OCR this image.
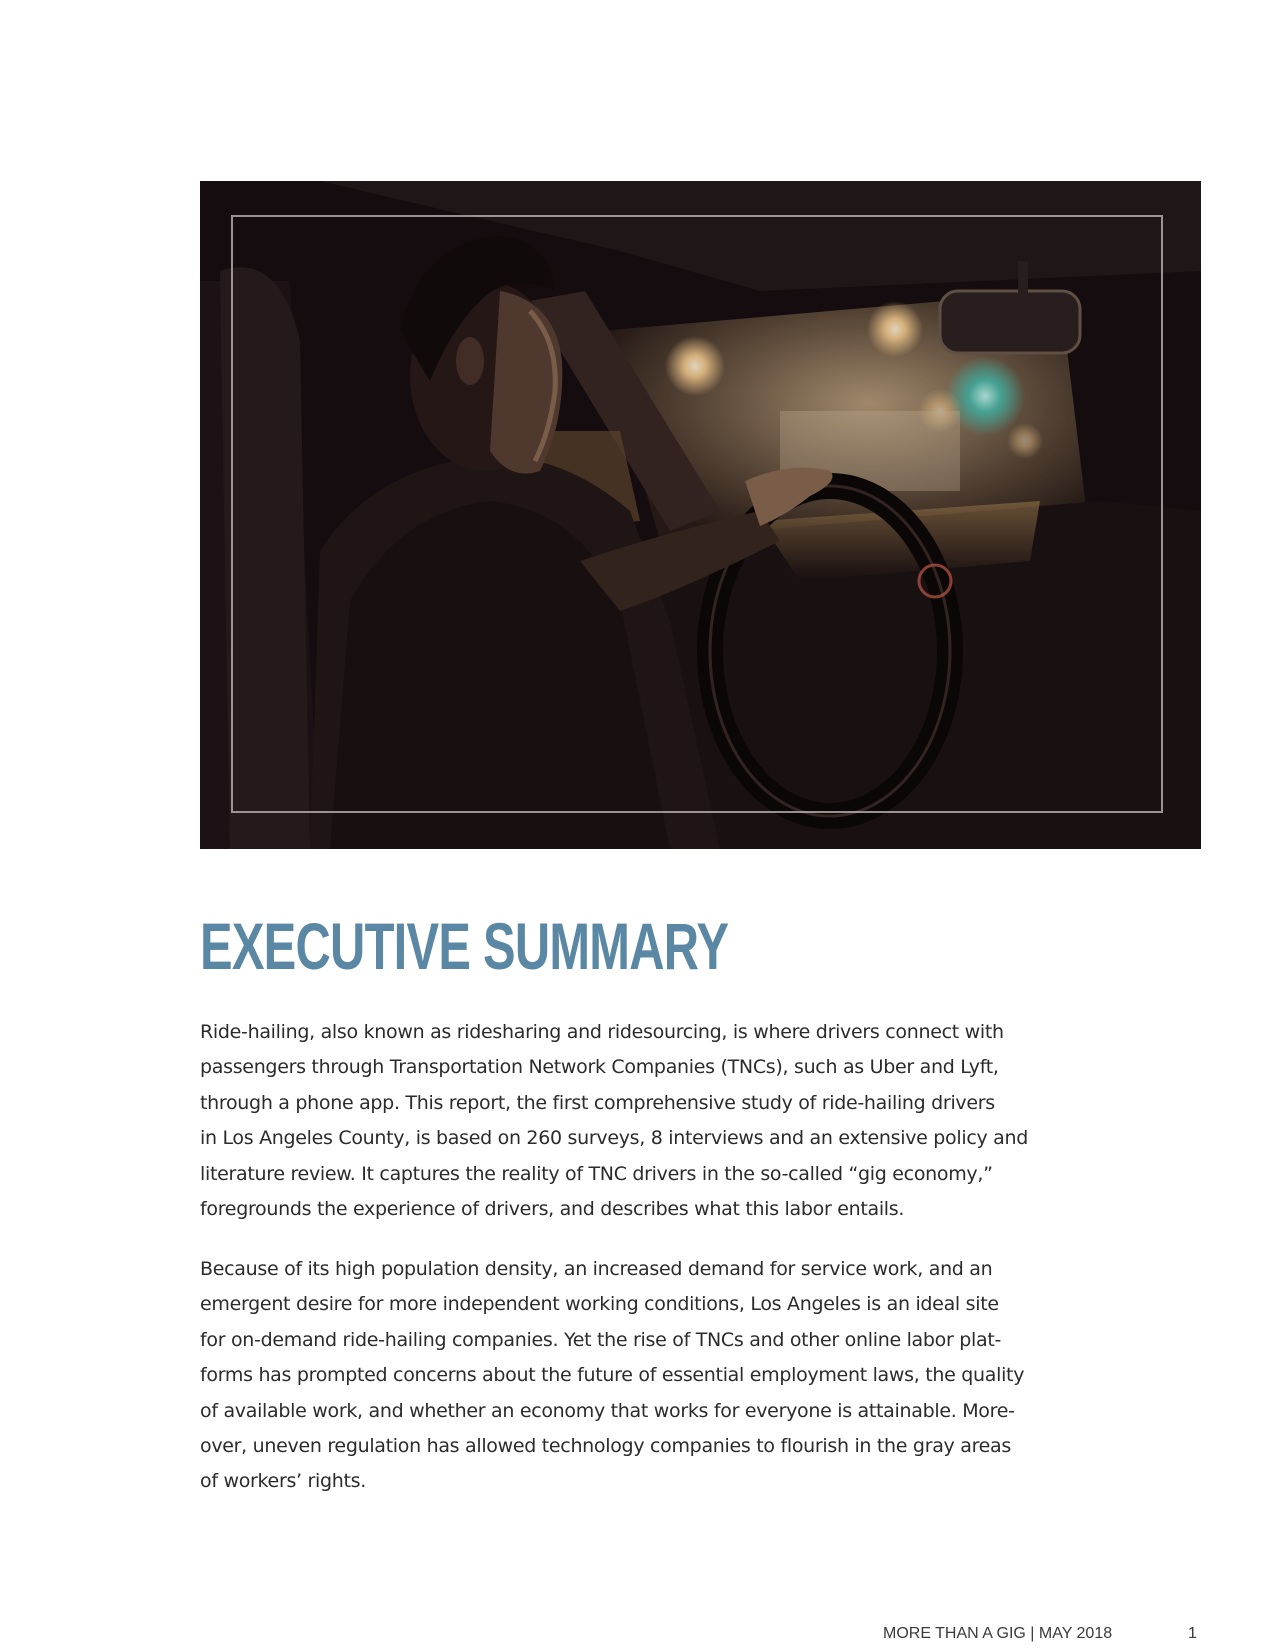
EXECUTIVE SUMMARY

Ride-hailing, also known as ridesharing and ridesourcing, is where drivers connect with
passengers through Transportation Network Companies (TNCs), such as Uber and Lyft,
through a phone app. This report, the first comprehensive study of ride-hailing drivers
in Los Angeles County, is based on 260 surveys, 8 interviews and an extensive policy and
literature review. It captures the reality of TNC drivers in the so-called “gig economy,”
foregrounds the experience of drivers, and describes what this labor entails.

Because of its high population density, an increased demand for service work, and an
emergent desire for more independent working conditions, Los Angeles is an ideal site
for on-demand ride-hailing companies. Yet the rise of TNCs and other online labor plat-
forms has prompted concerns about the future of essential employment laws, the quality
of available work, and whether an economy that works for everyone is attainable. More-
over, uneven regulation has allowed technology companies to flourish in the gray areas
of workers’ rights.

MORE THAN A GIG | MAY 2018	1
